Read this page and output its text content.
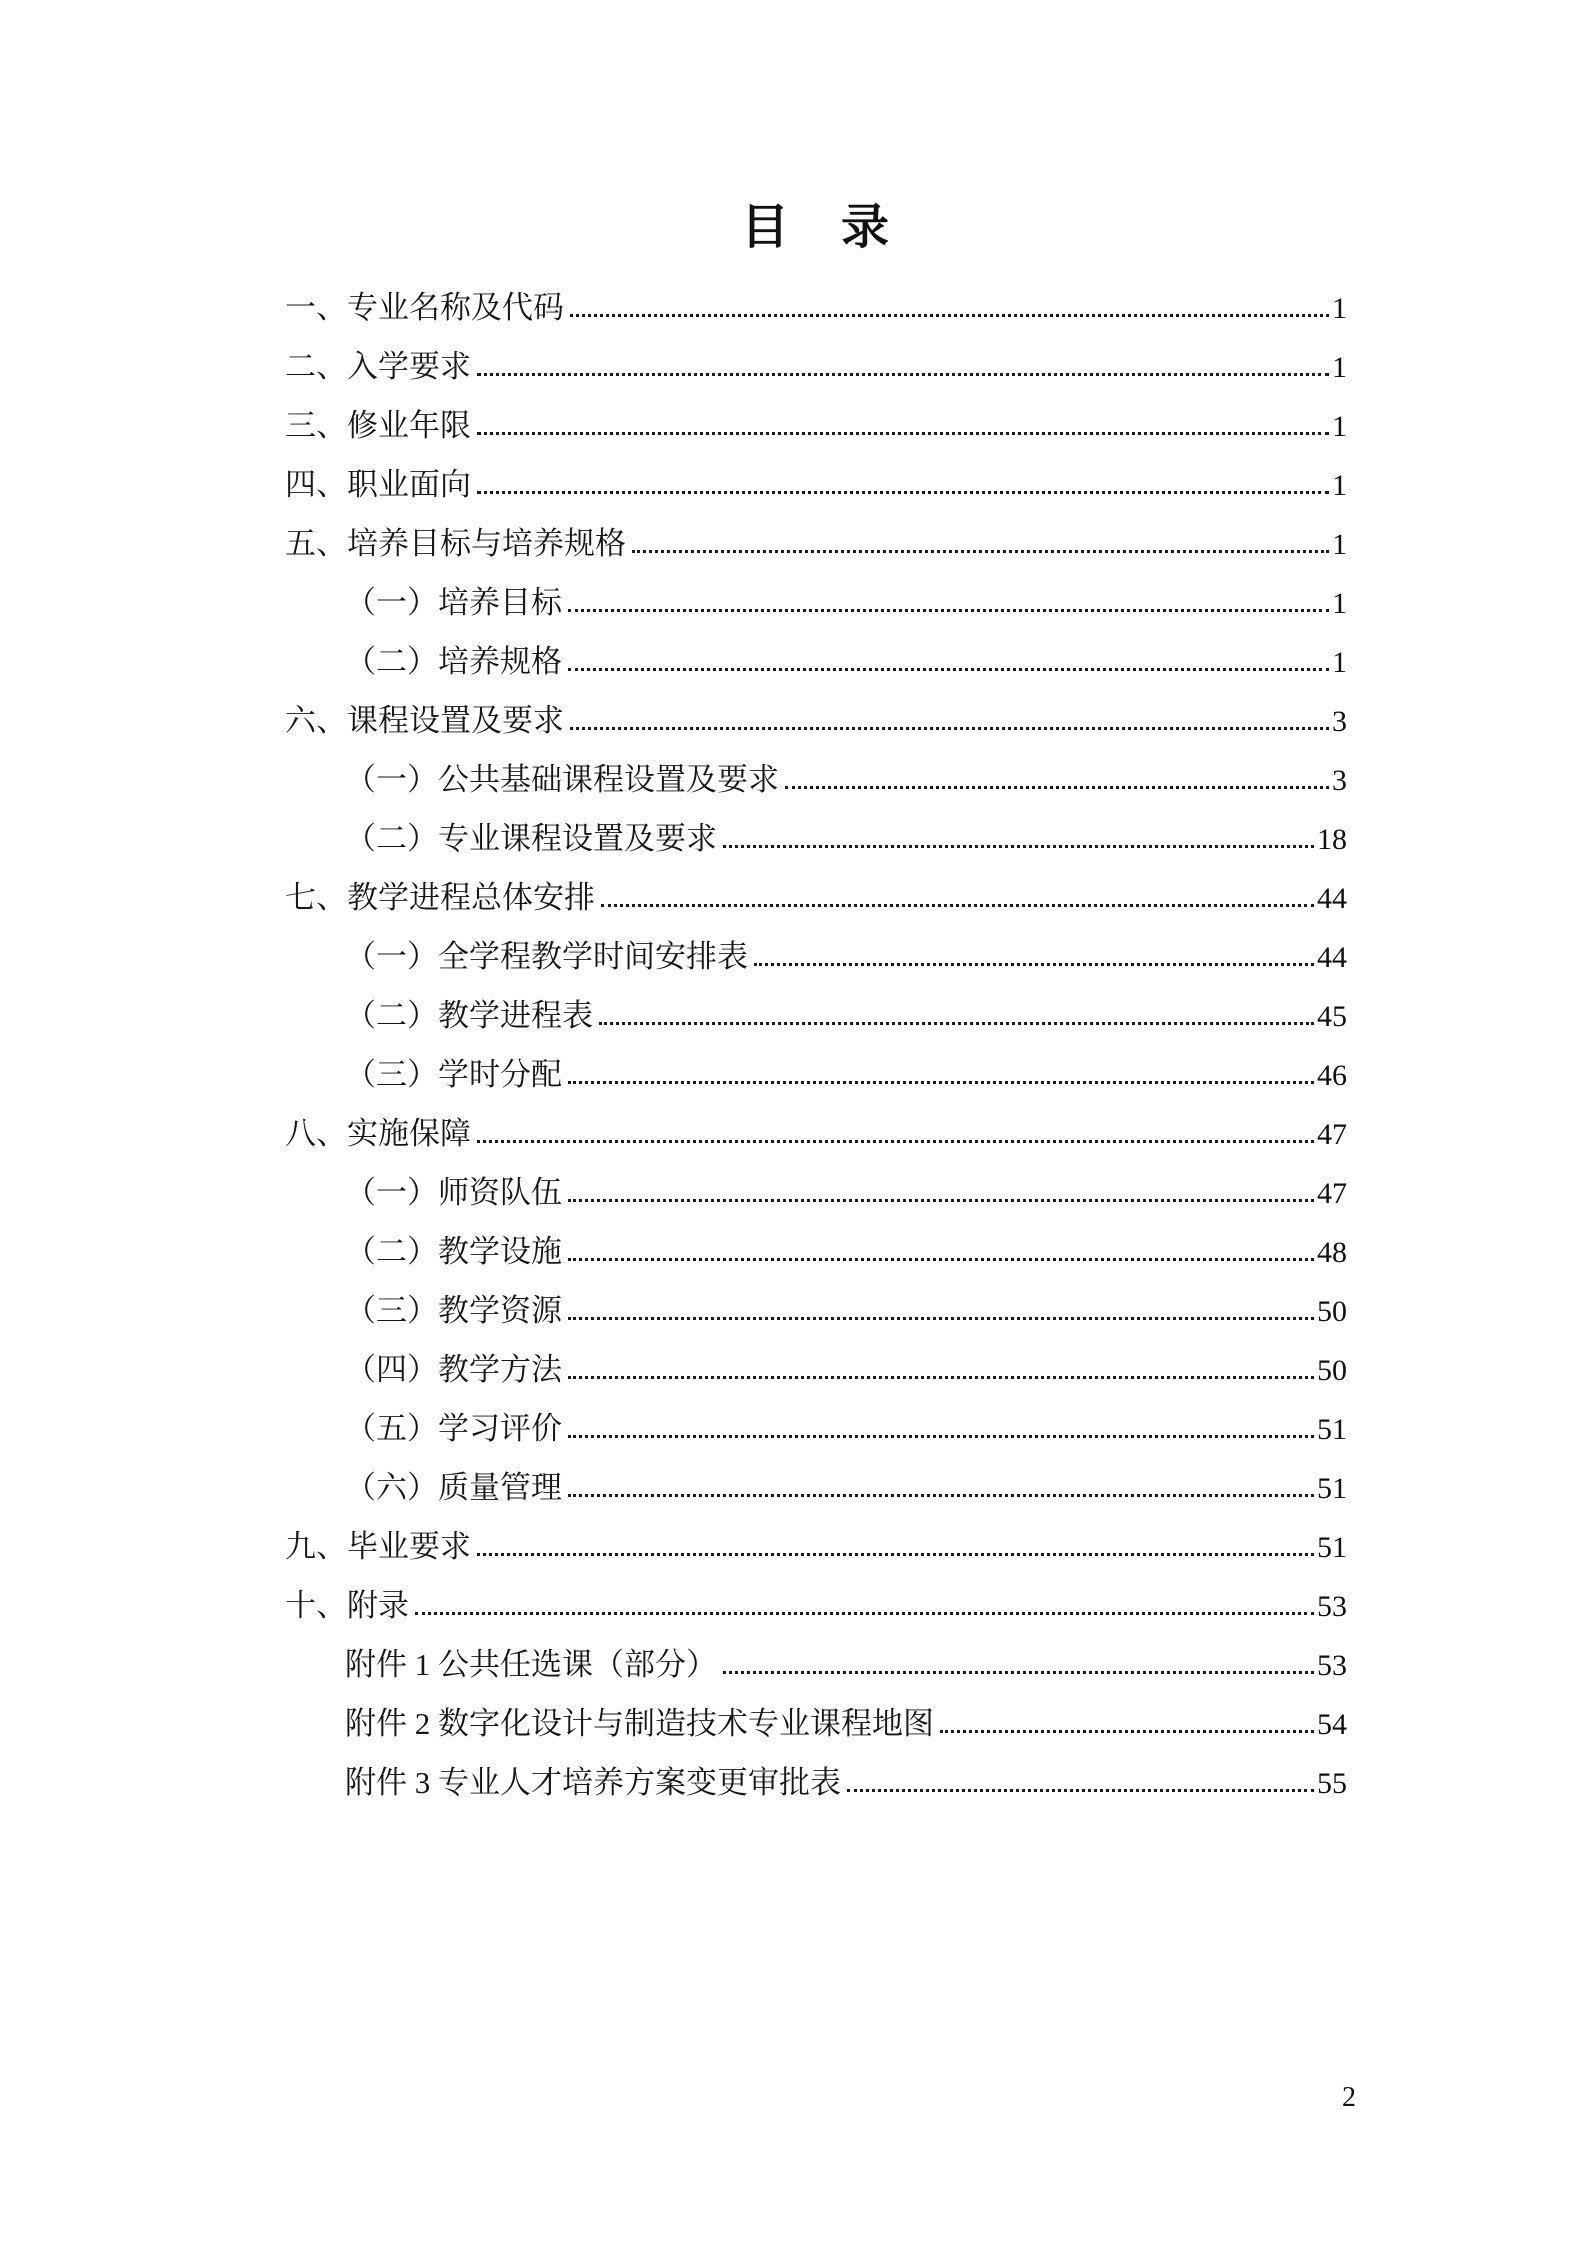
目　录
一、专业名称及代码	1
二、入学要求	1
三、修业年限	1
四、职业面向	1
五、培养目标与培养规格	1
（一）培养目标	1
（二）培养规格	1
六、课程设置及要求	3
（一）公共基础课程设置及要求	3
（二）专业课程设置及要求	18
七、教学进程总体安排	44
（一）全学程教学时间安排表	44
（二）教学进程表	45
（三）学时分配	46
八、实施保障	47
（一）师资队伍	47
（二）教学设施	48
（三）教学资源	50
（四）教学方法	50
（五）学习评价	51
（六）质量管理	51
九、毕业要求	51
十、附录	53
附件 1 公共任选课（部分）	53
附件 2 数字化设计与制造技术专业课程地图	54
附件 3 专业人才培养方案变更审批表	55
2
